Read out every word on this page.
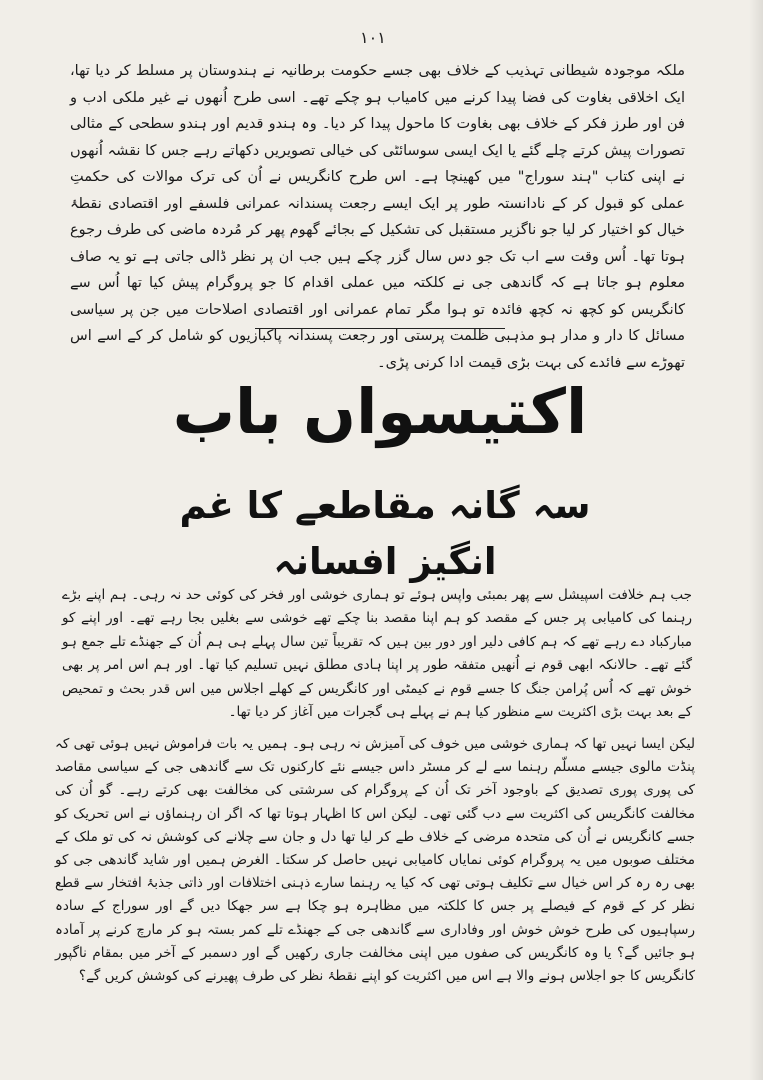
١٠١

ملکہ موجودہ شیطانی تہذیب کے خلاف بھی جسے حکومت برطانیہ نے ہندوستان پر مسلط کر دیا تھا، ایک اخلاقی بغاوت کی فضا پیدا کرنے میں کامیاب ہو چکے تھے۔ اسی طرح اُنھوں نے غیر ملکی ادب و فن اور طرز فکر کے خلاف بھی بغاوت کا ماحول پیدا کر دیا۔ وہ ہندو قدیم اور ہندو سطحی کے مثالی تصورات پیش کرتے چلے گئے یا ایک ایسی سوسائٹی کی خیالی تصویریں دکھاتے رہے جس کا نقشہ اُنھوں نے اپنی کتاب "ہند سوراج" میں کھینچا ہے۔ اس طرح کانگریس نے اُن کی ترک موالات کی حکمتِ عملی کو قبول کر کے نادانستہ طور پر ایک ایسے رجعت پسندانہ عمرانی فلسفے اور اقتصادی نقطۂ خیال کو اختیار کر لیا جو ناگزیر مستقبل کی تشکیل کے بجائے گھوم پھر کر مُردہ ماضی کی طرف رجوع ہوتا تھا۔ اُس وقت سے اب تک جو دس سال گزر چکے ہیں جب ان پر نظر ڈالی جاتی ہے تو یہ صاف معلوم ہو جاتا ہے کہ گاندھی جی نے کلکتہ میں عملی اقدام کا جو پروگرام پیش کیا تھا اُس سے کانگریس کو کچھ نہ کچھ فائدہ تو ہوا مگر تمام عمرانی اور اقتصادی اصلاحات میں جن پر سیاسی مسائل کا دار و مدار ہو مذہبی ظلمت پرستی اور رجعت پسندانہ پاکبازیوں کو شامل کر کے اسے اس تھوڑے سے فائدے کی بہت بڑی قیمت ادا کرنی پڑی۔

اکتیسواں باب
سہ گانہ مقاطعے کا غم انگیز افسانہ

جب ہم خلافت اسپیشل سے پھر بمبئی واپس ہوئے تو ہماری خوشی اور فخر کی کوئی حد نہ رہی۔ ہم اپنے بڑے رہنما کی کامیابی پر جس کے مقصد کو ہم اپنا مقصد بنا چکے تھے خوشی سے بغلیں بجا رہے تھے۔ اور اپنے کو مبارکباد دے رہے تھے کہ ہم کافی دلیر اور دور بین ہیں کہ تقریباً تین سال پہلے ہی ہم اُن کے جھنڈے تلے جمع ہو گئے تھے۔ حالانکہ ابھی قوم نے اُنھیں متفقہ طور پر اپنا ہادی مطلق نہیں تسلیم کیا تھا۔ اور ہم اس امر پر بھی خوش تھے کہ اُس پُرامن جنگ کا جسے قوم نے کیمٹی اور کانگریس کے کھلے اجلاس میں اس قدر بحث و تمحیص کے بعد بہت بڑی اکثریت سے منظور کیا ہم نے پہلے ہی گجرات میں آغاز کر دیا تھا۔

لیکن ایسا نہیں تھا کہ ہماری خوشی میں خوف کی آمیزش نہ رہی ہو۔ ہمیں یہ بات فراموش نہیں ہوئی تھی کہ پنڈت مالوی جیسے مسلّم رہنما سے لے کر مسٹر داس جیسے نئے کارکنوں تک سے گاندھی جی کے سیاسی مقاصد کی پوری پوری تصدیق کے باوجود آخر تک اُن کے پروگرام کی سرشتی کی مخالفت بھی کرتے رہے۔ گو اُن کی مخالفت کانگریس کی اکثریت سے دب گئی تھی۔ لیکن اس کا اظہار ہوتا تھا کہ اگر ان رہنماؤں نے اس تحریک کو جسے کانگریس نے اُن کی متحدہ مرضی کے خلاف طے کر لیا تھا دل و جان سے چلانے کی کوشش نہ کی تو ملک کے مختلف صوبوں میں یہ پروگرام کوئی نمایاں کامیابی نہیں حاصل کر سکتا۔ الغرض ہمیں اور شاید گاندھی جی کو بھی رہ رہ کر اس خیال سے تکلیف ہوتی تھی کہ کیا یہ رہنما سارے ذہنی اختلافات اور ذاتی جذبۂ افتخار سے قطع نظر کر کے قوم کے فیصلے پر جس کا کلکتہ میں مظاہرہ ہو چکا ہے سر جھکا دیں گے اور سوراج کے سادہ رسپاہیوں کی طرح خوش خوش اور وفاداری سے گاندھی جی کے جھنڈے تلے کمر بستہ ہو کر مارچ کرنے پر آمادہ ہو جائیں گے؟ یا وہ کانگریس کی صفوں میں اپنی مخالفت جاری رکھیں گے اور دسمبر کے آخر میں بمقام ناگپور کانگریس کا جو اجلاس ہونے والا ہے اس میں اکثریت کو اپنے نقطۂ نظر کی طرف پھیرنے کی کوشش کریں گے؟
